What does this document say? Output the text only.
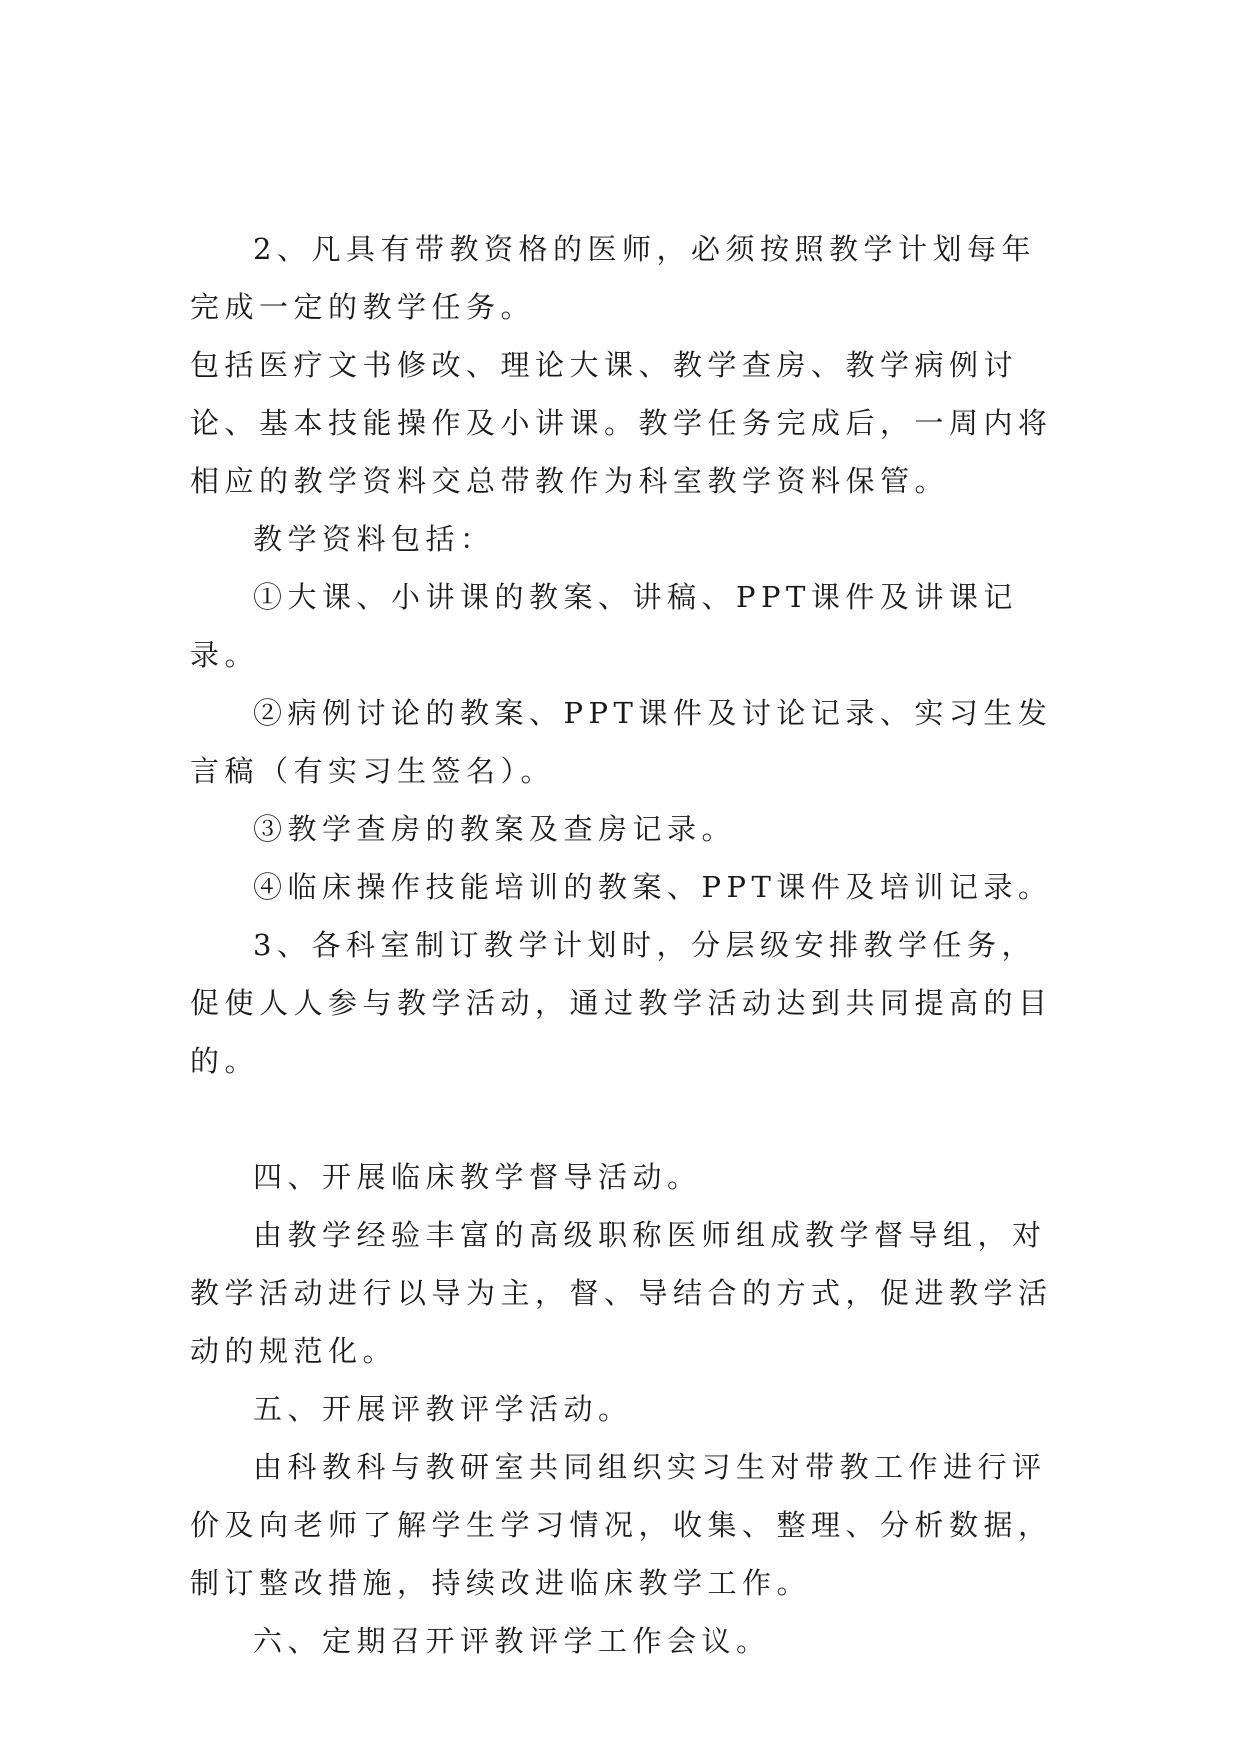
2、凡具有带教资格的医师，必须按照教学计划每年完成一定的教学任务。

包括医疗文书修改、理论大课、教学查房、教学病例讨论、基本技能操作及小讲课。教学任务完成后，一周内将相应的教学资料交总带教作为科室教学资料保管。

教学资料包括：

①大课、小讲课的教案、讲稿、PPT课件及讲课记录。

②病例讨论的教案、PPT课件及讨论记录、实习生发言稿（有实习生签名）。

③教学查房的教案及查房记录。

④临床操作技能培训的教案、PPT课件及培训记录。

3、各科室制订教学计划时，分层级安排教学任务，促使人人参与教学活动，通过教学活动达到共同提高的目的。

四、开展临床教学督导活动。

由教学经验丰富的高级职称医师组成教学督导组，对教学活动进行以导为主，督、导结合的方式，促进教学活动的规范化。

五、开展评教评学活动。

由科教科与教研室共同组织实习生对带教工作进行评价及向老师了解学生学习情况，收集、整理、分析数据，制订整改措施，持续改进临床教学工作。

六、定期召开评教评学工作会议。
